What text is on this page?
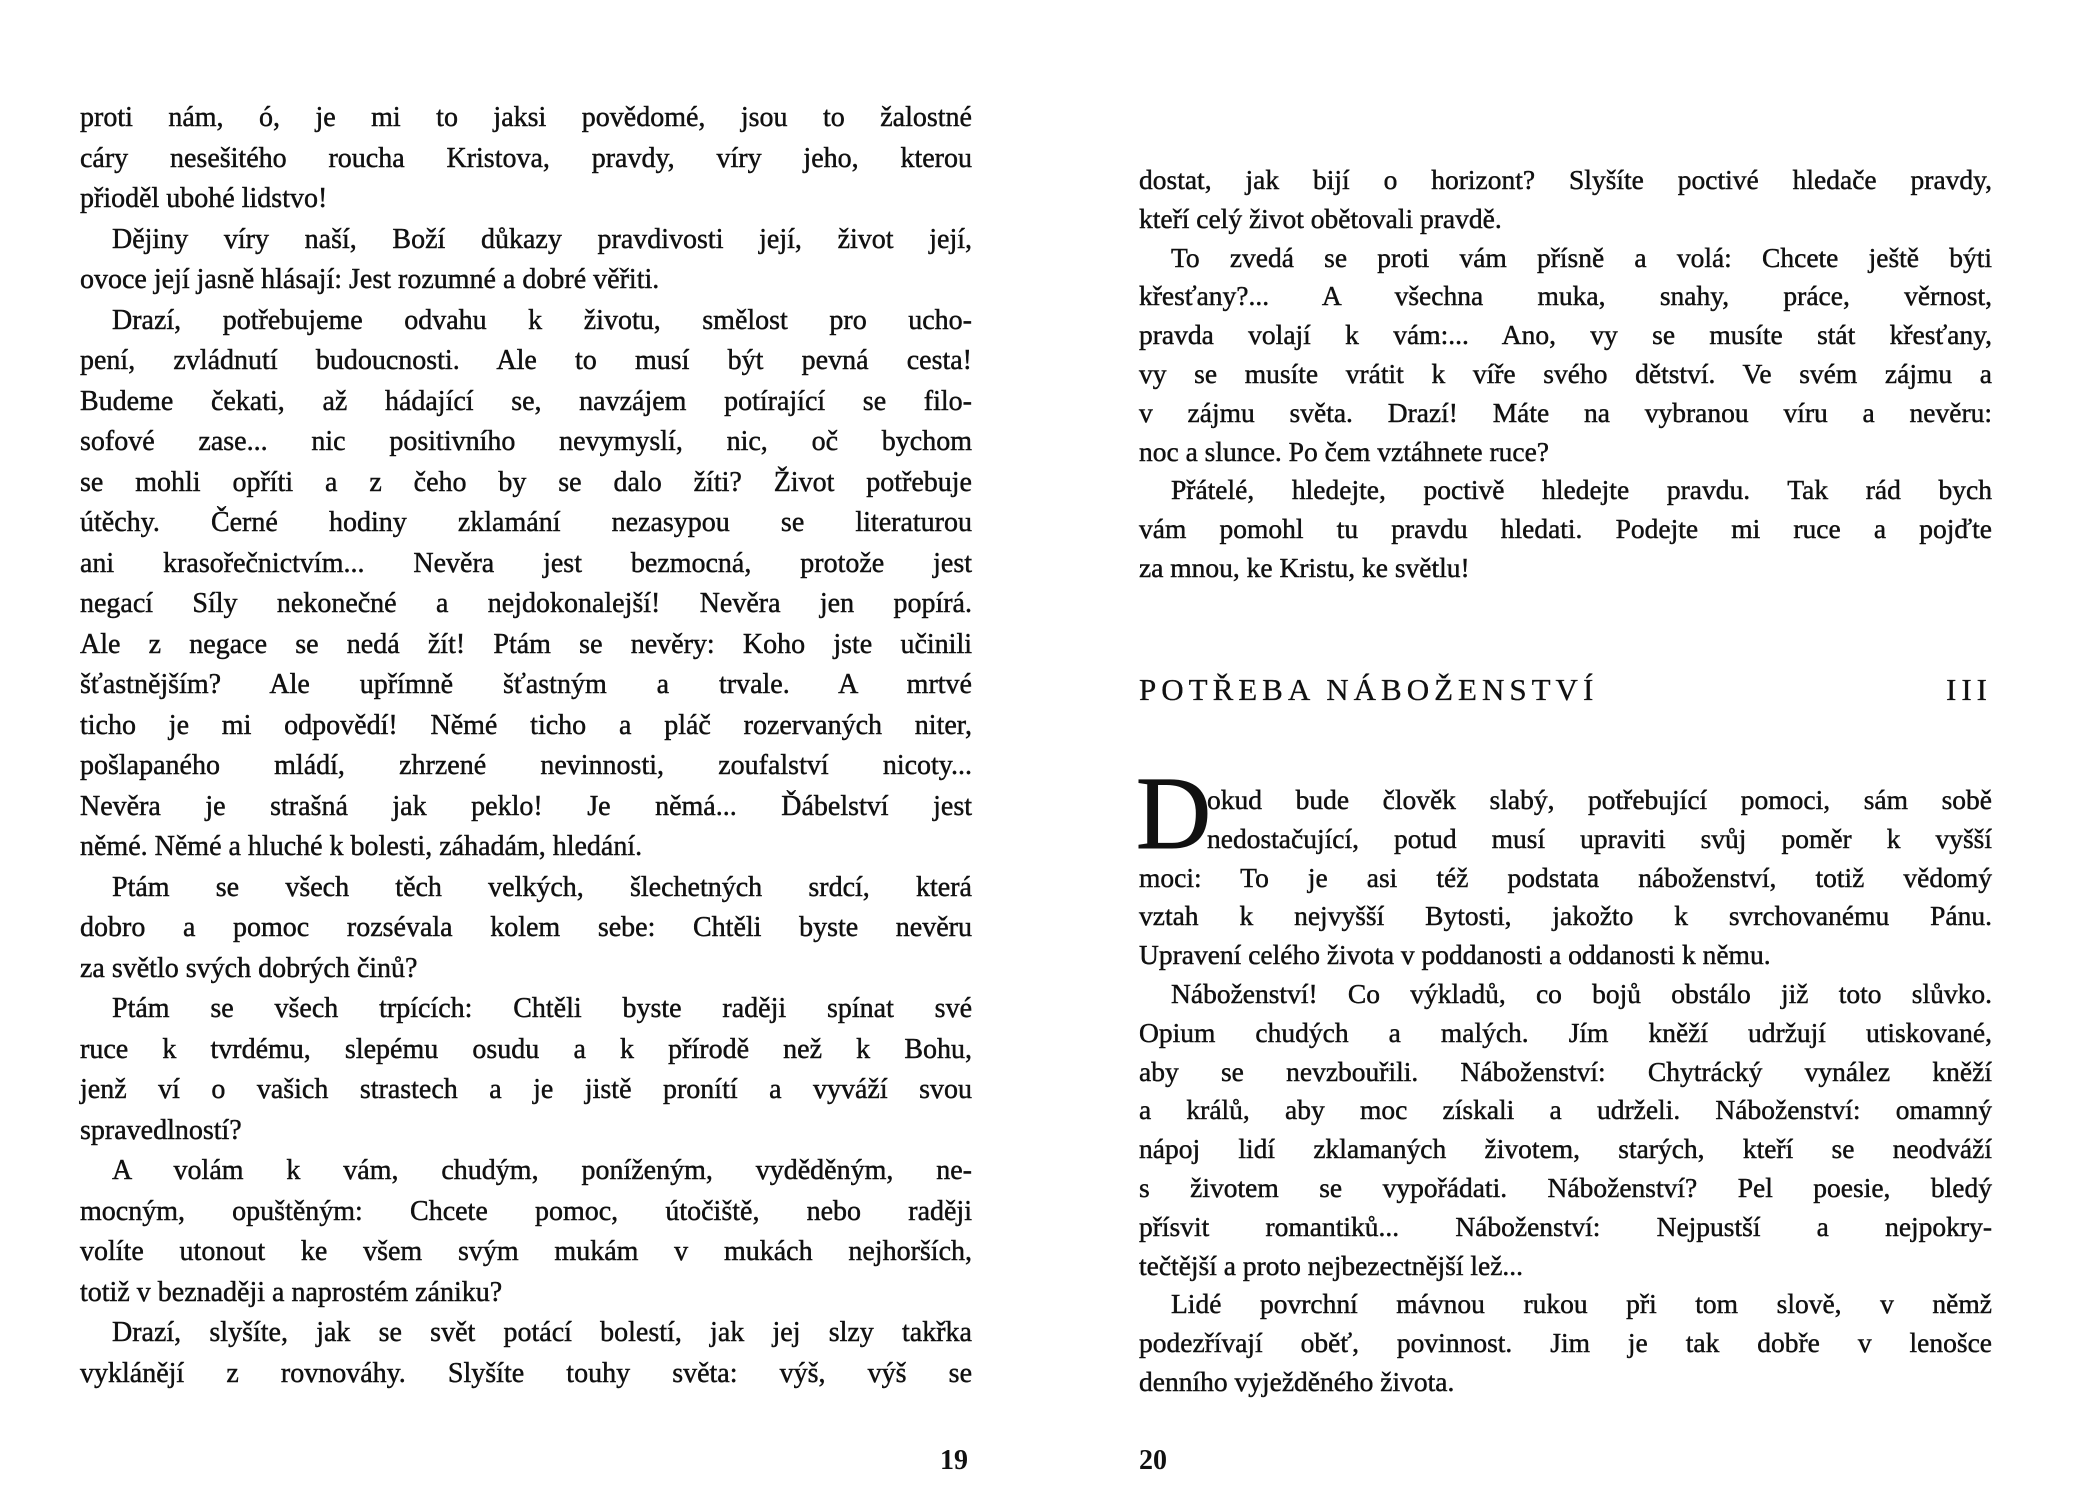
proti nám, ó, je mi to jaksi povědomé, jsou to žalostné
cáry nesešitého roucha Kristova, pravdy, víry jeho, kterou
přioděl ubohé lidstvo!
Dějiny víry naší, Boží důkazy pravdivosti její, život její,
ovoce její jasně hlásají: Jest rozumné a dobré věřiti.
Drazí, potřebujeme odvahu k životu, smělost pro ucho-
pení, zvládnutí budoucnosti. Ale to musí být pevná cesta!
Budeme čekati, až hádající se, navzájem potírající se filo-
sofové zase... nic positivního nevymyslí, nic, oč bychom
se mohli opříti a z čeho by se dalo žíti? Život potřebuje
útěchy. Černé hodiny zklamání nezasypou se literaturou
ani krasořečnictvím... Nevěra jest bezmocná, protože jest
negací Síly nekonečné a nejdokonalejší! Nevěra jen popírá.
Ale z negace se nedá žít! Ptám se nevěry: Koho jste učinili
šťastnějším? Ale upřímně šťastným a trvale. A mrtvé
ticho je mi odpovědí! Němé ticho a pláč rozervaných niter,
pošlapaného mládí, zhrzené nevinnosti, zoufalství nicoty...
Nevěra je strašná jak peklo! Je němá... Ďábelství jest
němé. Němé a hluché k bolesti, záhadám, hledání.
Ptám se všech těch velkých, šlechetných srdcí, která
dobro a pomoc rozsévala kolem sebe: Chtěli byste nevěru
za světlo svých dobrých činů?
Ptám se všech trpících: Chtěli byste raději spínat své
ruce k tvrdému, slepému osudu a k přírodě než k Bohu,
jenž ví o vašich strastech a je jistě pronítí a vyváží svou
spravedlností?
A volám k vám, chudým, poníženým, vyděděným, ne-
mocným, opuštěným: Chcete pomoc, útočiště, nebo raději
volíte utonout ke všem svým mukám v mukách nejhorších,
totiž v beznaději a naprostém zániku?
Drazí, slyšíte, jak se svět potácí bolestí, jak jej slzy takřka
vyklánějí z rovnováhy. Slyšíte touhy světa: výš, výš se
dostat, jak bijí o horizont? Slyšíte poctivé hledače pravdy,
kteří celý život obětovali pravdě.
To zvedá se proti vám přísně a volá: Chcete ještě býti
křesťany?... A všechna muka, snahy, práce, věrnost,
pravda volají k vám:... Ano, vy se musíte stát křesťany,
vy se musíte vrátit k víře svého dětství. Ve svém zájmu a
v zájmu světa. Drazí! Máte na vybranou víru a nevěru:
noc a slunce. Po čem vztáhnete ruce?
Přátelé, hledejte, poctivě hledejte pravdu. Tak rád bych
vám pomohl tu pravdu hledati. Podejte mi ruce a pojďte
za mnou, ke Kristu, ke světlu!
POTŘEBA NÁBOŽENSTVÍ	III
D
okud bude člověk slabý, potřebující pomoci, sám sobě
nedostačující, potud musí upraviti svůj poměr k vyšší
moci: To je asi též podstata náboženství, totiž vědomý
vztah k nejvyšší Bytosti, jakožto k svrchovanému Pánu.
Upravení celého života v poddanosti a oddanosti k němu.
Náboženství! Co výkladů, co bojů obstálo již toto slůvko.
Opium chudých a malých. Jím kněží udržují utiskované,
aby se nevzbouřili. Náboženství: Chytrácký vynález kněží
a králů, aby moc získali a udrželi. Náboženství: omamný
nápoj lidí zklamaných životem, starých, kteří se neodváží
s životem se vypořádati. Náboženství? Pel poesie, bledý
přísvit romantiků... Náboženství: Nejpustší a nejpokry-
tečtější a proto nejbezectnější lež...
Lidé povrchní mávnou rukou při tom slově, v němž
podezřívají oběť, povinnost. Jim je tak dobře v lenošce
denního vyježděného života.
19	20
